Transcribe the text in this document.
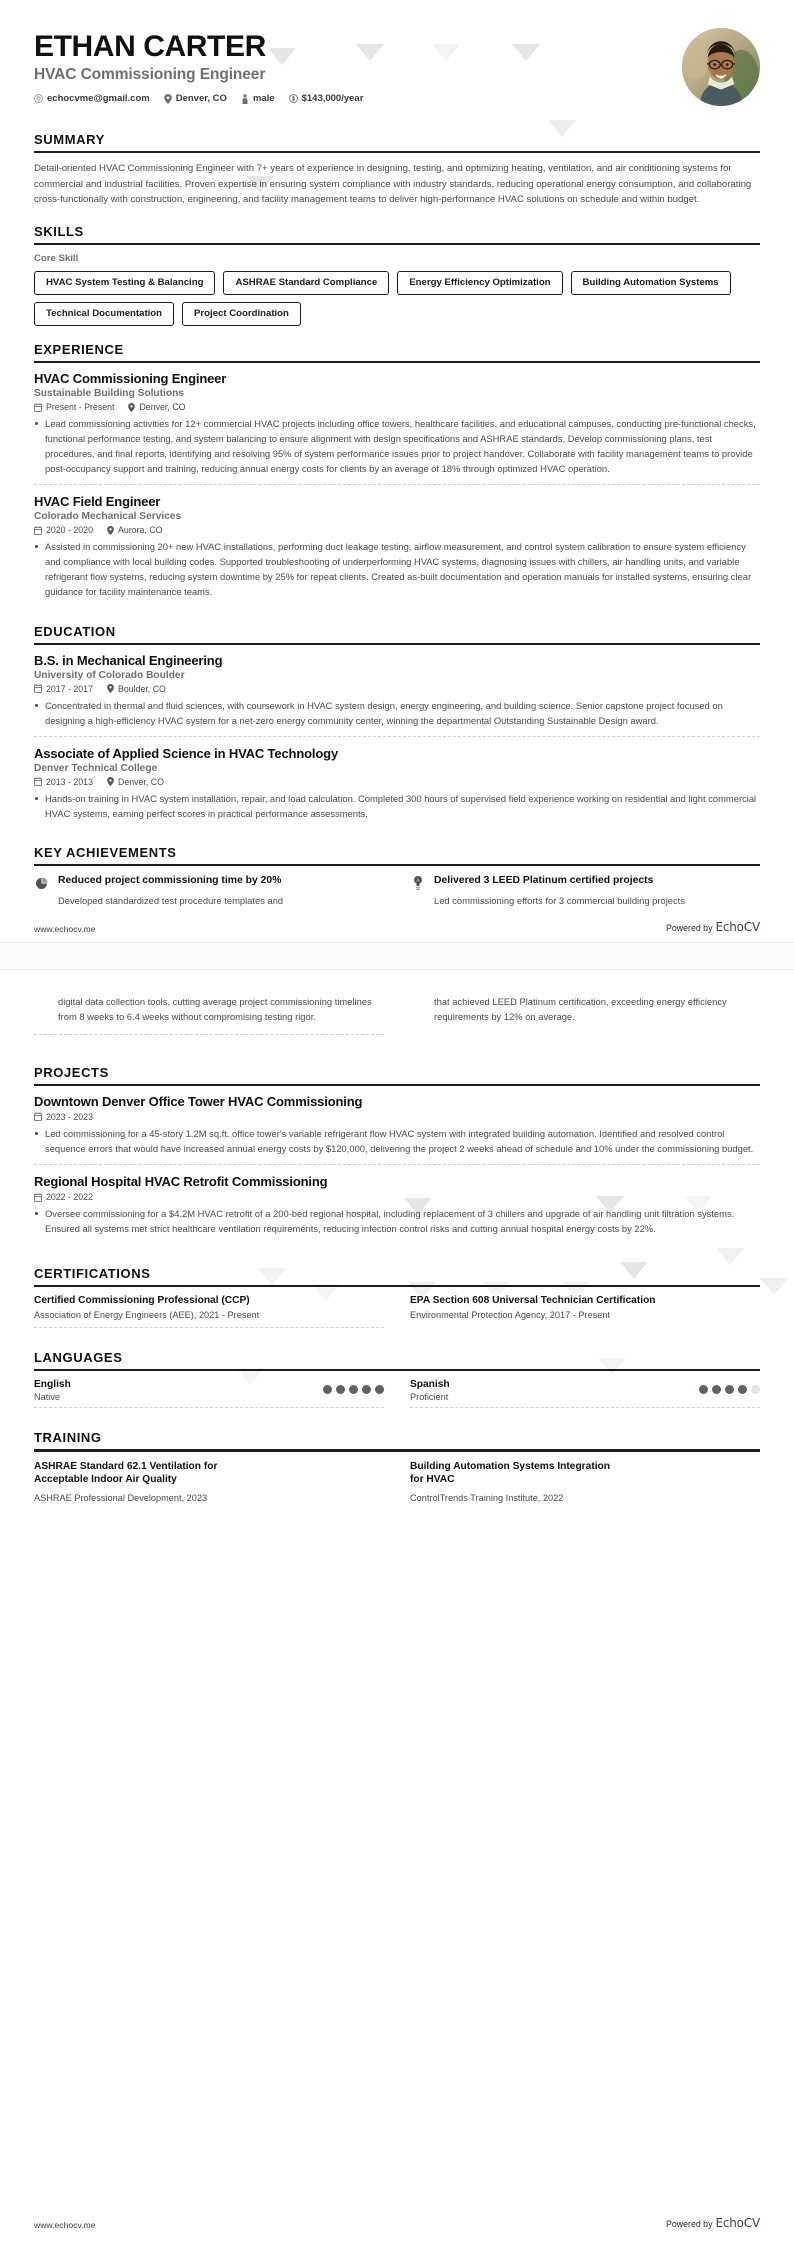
ETHAN CARTER
HVAC Commissioning Engineer
echocvme@gmail.com	Denver, CO	male	$143,000/year
SUMMARY

Detail-oriented HVAC Commissioning Engineer with 7+ years of experience in designing, testing, and optimizing heating, ventilation, and air conditioning systems for commercial and industrial facilities. Proven expertise in ensuring system compliance with industry standards, reducing operational energy consumption, and collaborating cross-functionally with construction, engineering, and facility management teams to deliver high-performance HVAC solutions on schedule and within budget.

SKILLS
Core Skill
HVAC System Testing & Balancing	ASHRAE Standard Compliance	Energy Efficiency Optimization	Building Automation Systems
Technical Documentation	Project Coordination
EXPERIENCE
HVAC Commissioning Engineer
Sustainable Building Solutions
Present - Present	Denver, CO
Lead commissioning activities for 12+ commercial HVAC projects including office towers, healthcare facilities, and educational campuses, conducting pre-functional checks, functional performance testing, and system balancing to ensure alignment with design specifications and ASHRAE standards. Develop commissioning plans, test procedures, and final reports, identifying and resolving 95% of system performance issues prior to project handover. Collaborate with facility management teams to provide post-occupancy support and training, reducing annual energy costs for clients by an average of 18% through optimized HVAC operation.
HVAC Field Engineer
Colorado Mechanical Services
2020 - 2020	Aurora, CO
Assisted in commissioning 20+ new HVAC installations, performing duct leakage testing, airflow measurement, and control system calibration to ensure system efficiency and compliance with local building codes. Supported troubleshooting of underperforming HVAC systems, diagnosing issues with chillers, air handling units, and variable refrigerant flow systems, reducing system downtime by 25% for repeat clients. Created as-built documentation and operation manuals for installed systems, ensuring clear guidance for facility maintenance teams.
EDUCATION
B.S. in Mechanical Engineering
University of Colorado Boulder
2017 - 2017	Boulder, CO
Concentrated in thermal and fluid sciences, with coursework in HVAC system design, energy engineering, and building science. Senior capstone project focused on designing a high-efficiency HVAC system for a net-zero energy community center, winning the departmental Outstanding Sustainable Design award.
Associate of Applied Science in HVAC Technology
Denver Technical College
2013 - 2013	Denver, CO
Hands-on training in HVAC system installation, repair, and load calculation. Completed 300 hours of supervised field experience working on residential and light commercial HVAC systems, earning perfect scores in practical performance assessments.
KEY ACHIEVEMENTS
Reduced project commissioning time by 20%
Developed standardized test procedure templates and
A Delivered 3 LEED Platinum certified projects
Led commissioning efforts for 3 commercial building projects
www.echocv.me	Powered by EchoCV
digital data collection tools, cutting average project commissioning timelines from 8 weeks to 6.4 weeks without compromising testing rigor.
that achieved LEED Platinum certification, exceeding energy efficiency requirements by 12% on average.
PROJECTS
Downtown Denver Office Tower HVAC Commissioning
2023 - 2023
Led commissioning for a 45-story 1.2M sq.ft. office tower's variable refrigerant flow HVAC system with integrated building automation. Identified and resolved control sequence errors that would have increased annual energy costs by $120,000, delivering the project 2 weeks ahead of schedule and 10% under the commissioning budget.
Regional Hospital HVAC Retrofit Commissioning
2022 - 2022
Oversee commissioning for a $4.2M HVAC retrofit of a 200-bed regional hospital, including replacement of 3 chillers and upgrade of air handling unit filtration systems. Ensured all systems met strict healthcare ventilation requirements, reducing infection control risks and cutting annual hospital energy costs by 22%.
CERTIFICATIONS
Certified Commissioning Professional (CCP)
Association of Energy Engineers (AEE), 2021 - Present
EPA Section 608 Universal Technician Certification
Environmental Protection Agency, 2017 - Present
LANGUAGES
English
Native
Spanish
Proficient
TRAINING
ASHRAE Standard 62.1 Ventilation for Acceptable Indoor Air Quality
ASHRAE Professional Development, 2023
Building Automation Systems Integration for HVAC
ControlTrends Training Institute, 2022
www.echocv.me	Powered by EchoCV
